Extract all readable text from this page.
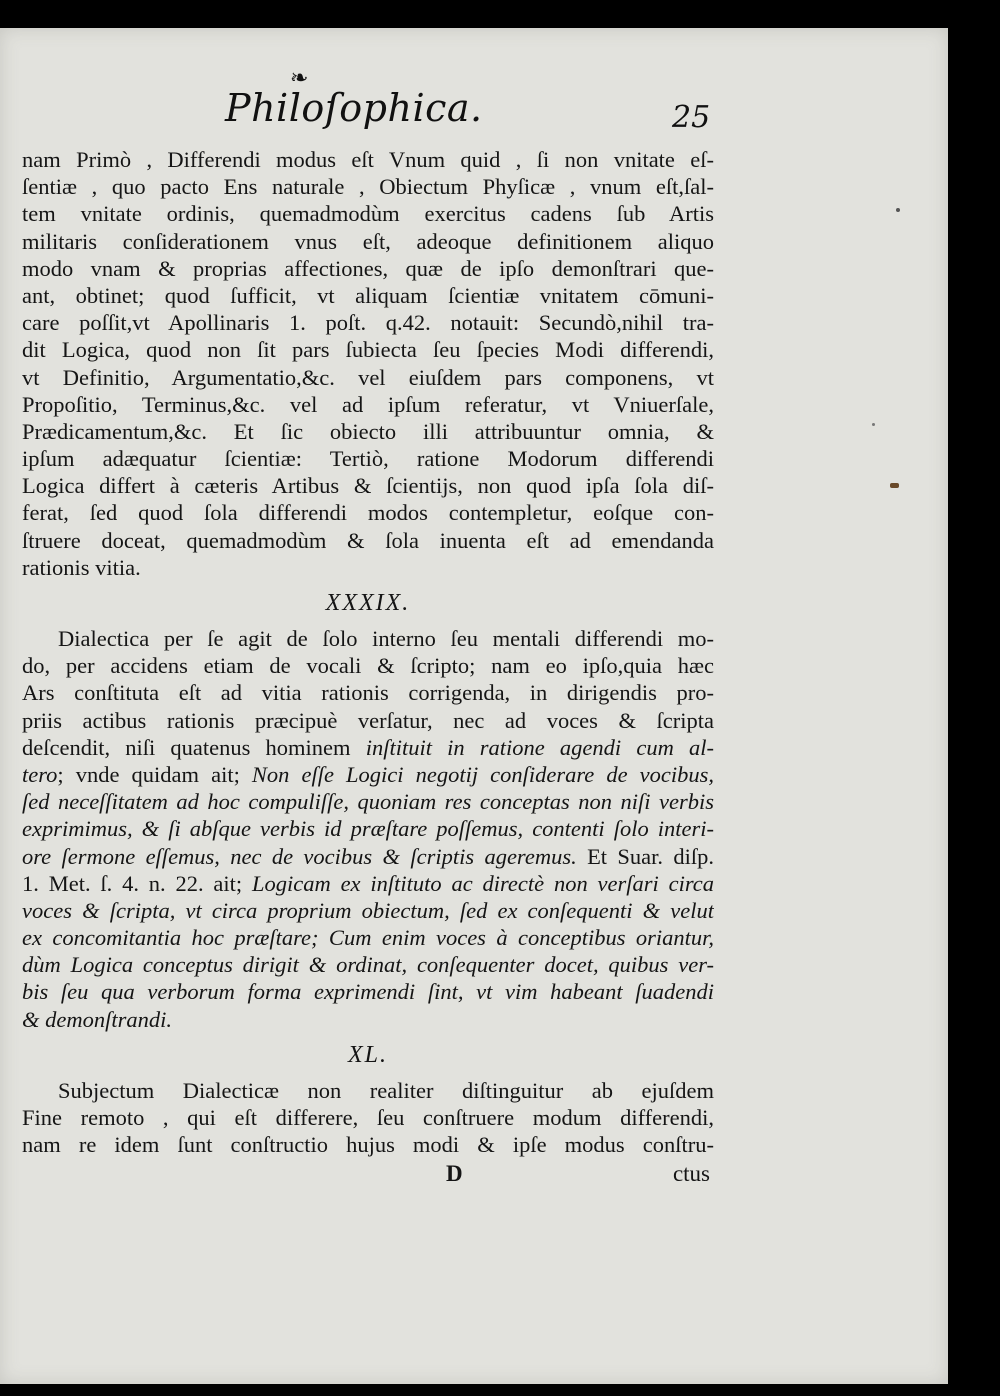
❧
Philoſophica.	25
nam Primò , Differendi modus eſt Vnum quid , ſi non vnitate eſ-
ſentiæ , quo pacto Ens naturale , Obiectum Phyſicæ , vnum eſt,ſal-
tem vnitate ordinis, quemadmodùm exercitus cadens ſub Artis
militaris conſiderationem vnus eſt, adeoque definitionem aliquo
modo vnam & proprias affectiones, quæ de ipſo demonſtrari que-
ant, obtinet; quod ſufficit, vt aliquam ſcientiæ vnitatem cōmuni-
care poſſit,vt Apollinaris 1. poſt. q.42. notauit: Secundò,nihil tra-
dit Logica, quod non ſit pars ſubiecta ſeu ſpecies Modi differendi,
vt Definitio, Argumentatio,&c. vel eiuſdem pars componens, vt
Propoſitio, Terminus,&c. vel ad ipſum referatur, vt Vniuerſale,
Prædicamentum,&c. Et ſic obiecto illi attribuuntur omnia, &
ipſum adæquatur ſcientiæ: Tertiò, ratione Modorum differendi
Logica differt à cæteris Artibus & ſcientijs, non quod ipſa ſola diſ-
ferat, ſed quod ſola differendi modos contempletur, eoſque con-
ſtruere doceat, quemadmodùm & ſola inuenta eſt ad emendanda
rationis vitia.
XXXIX.
Dialectica per ſe agit de ſolo interno ſeu mentali differendi mo-
do, per accidens etiam de vocali & ſcripto; nam eo ipſo,quia hæc
Ars conſtituta eſt ad vitia rationis corrigenda, in dirigendis pro-
priis actibus rationis præcipuè verſatur, nec ad voces & ſcripta
deſcendit, niſi quatenus hominem inſtituit in ratione agendi cum al-
tero; vnde quidam ait; Non eſſe Logici negotij conſiderare de vocibus,
ſed neceſſitatem ad hoc compuliſſe, quoniam res conceptas non niſi verbis
exprimimus, & ſi abſque verbis id præſtare poſſemus, contenti ſolo interi-
ore ſermone eſſemus, nec de vocibus & ſcriptis ageremus. Et Suar. diſp.
1. Met. ſ. 4. n. 22. ait; Logicam ex inſtituto ac directè non verſari circa
voces & ſcripta, vt circa proprium obiectum, ſed ex conſequenti & velut
ex concomitantia hoc præſtare; Cum enim voces à conceptibus oriantur,
dùm Logica conceptus dirigit & ordinat, conſequenter docet, quibus ver-
bis ſeu qua verborum forma exprimendi ſint, vt vim habeant ſuadendi
& demonſtrandi.
XL.
Subjectum Dialecticæ non realiter diſtinguitur ab ejuſdem
Fine remoto , qui eſt differere, ſeu conſtruere modum differendi,
nam re idem ſunt conſtructio hujus modi & ipſe modus conſtru-
D	ctus
